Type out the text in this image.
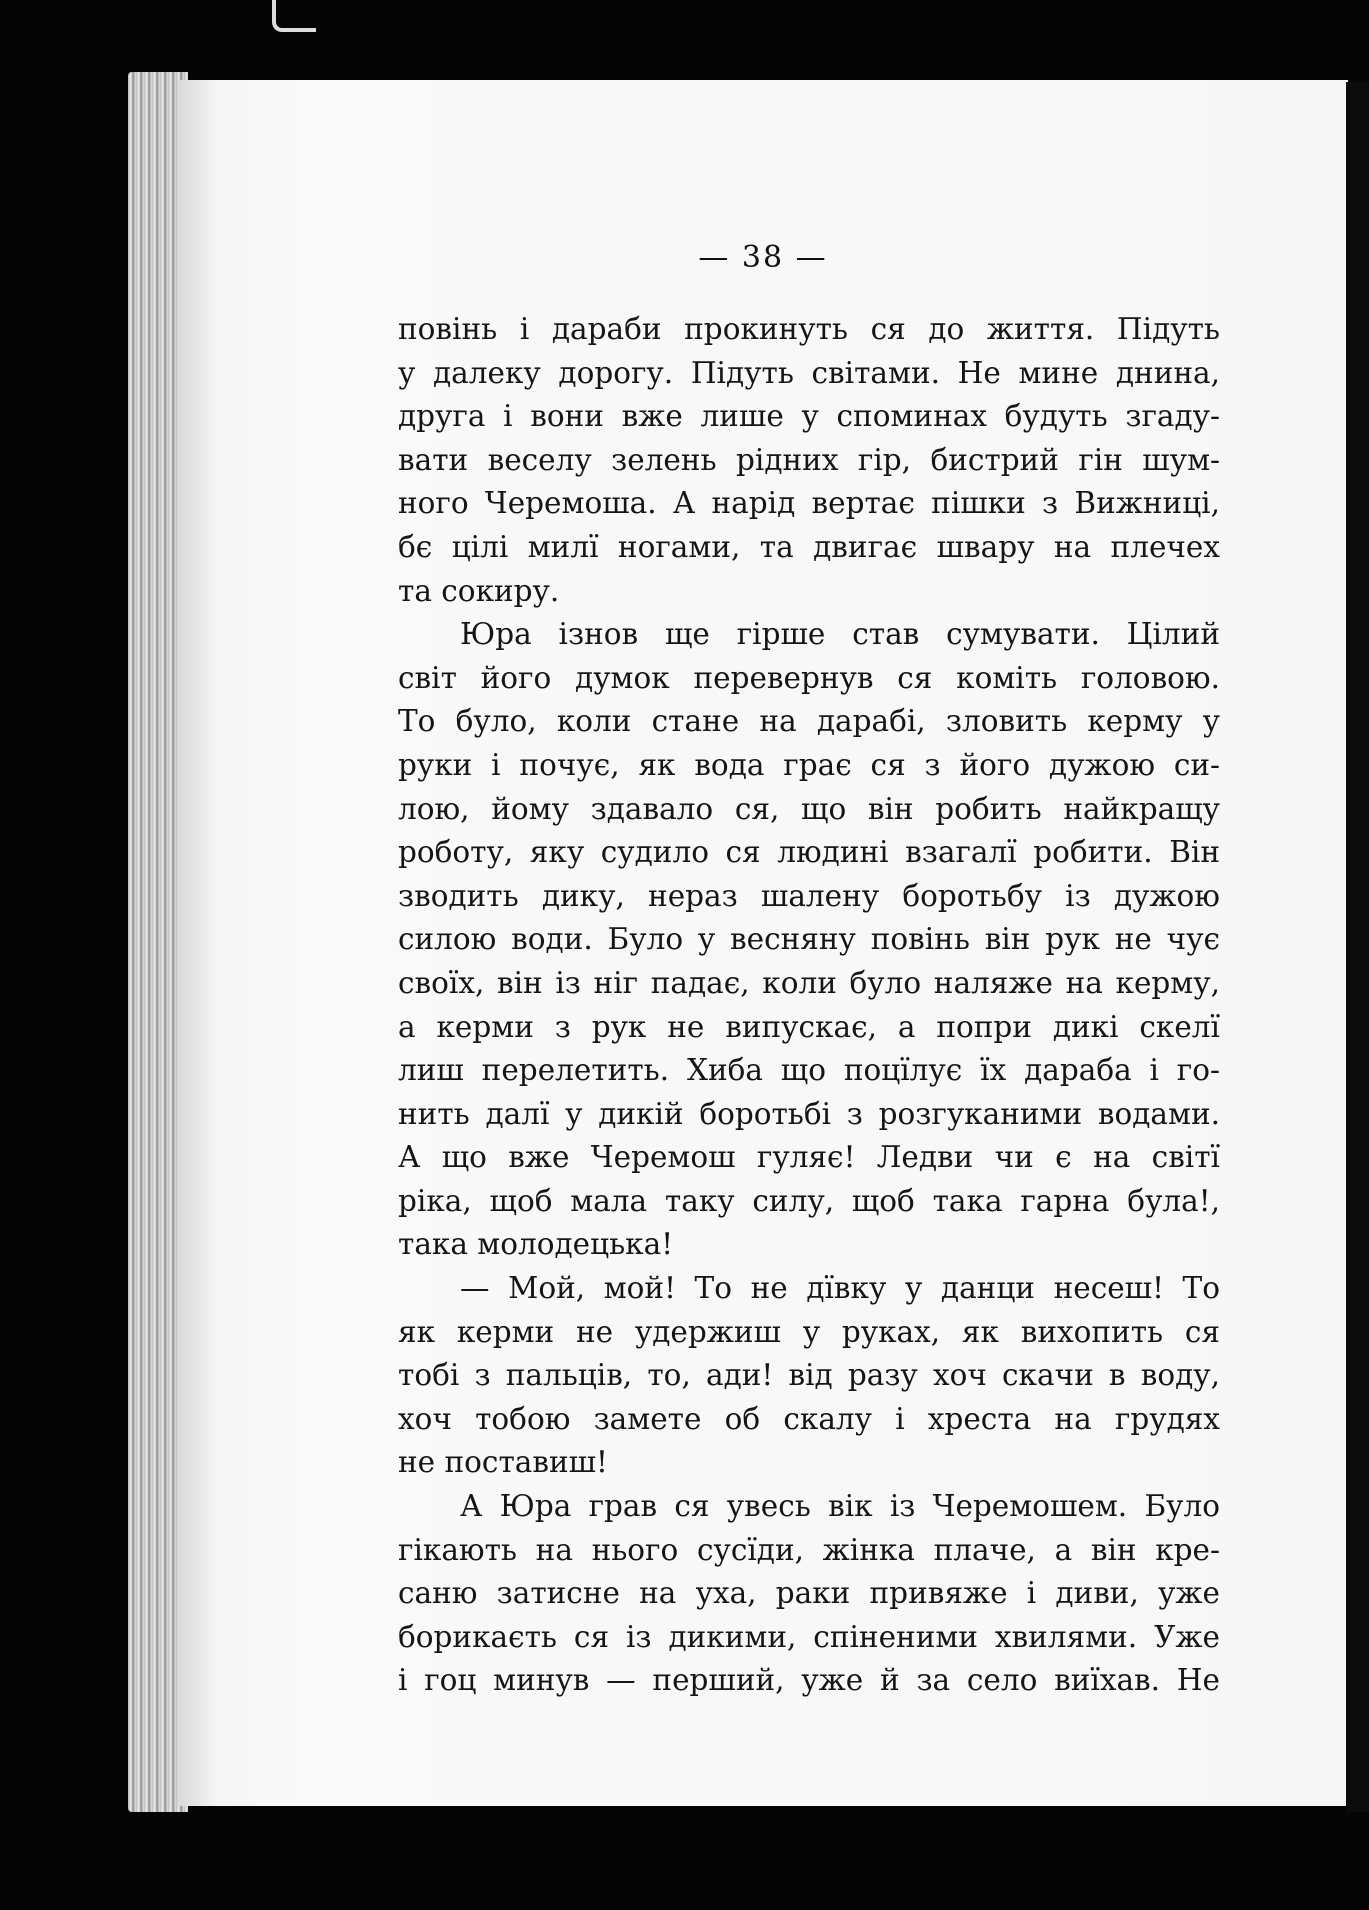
— 38 —
повінь і дараби прокинуть ся до життя. Підуть
у далеку дорогу. Підуть світами. Не мине днина,
друга і вони вже лише у споминах будуть згаду-
вати веселу зелень рідних гір, бистрий гін шум-
ного Черемоша. А нарід вертає пішки з Вижниці,
бє цілі милї ногами, та двигає швару на плечех
та сокиру.
Юра ізнов ще гірше став сумувати. Цілий
світ його думок перевернув ся коміть головою.
То було, коли стане на дарабі, зловить керму у
руки і почує, як вода грає ся з його дужою си-
лою, йому здавало ся, що він робить найкращу
роботу, яку судило ся людині взагалї робити. Він
зводить дику, нераз шалену боротьбу із дужою
силою води. Було у весняну повінь він рук не чує
своїх, він із ніг падає, коли було наляже на керму,
а керми з рук не випускає, а попри дикі скелї
лиш перелетить. Хиба що поцїлує їх дараба і го-
нить далї у дикій боротьбі з розгуканими водами.
А що вже Черемош гуляє! Ледви чи є на світї
ріка, щоб мала таку силу, щоб така гарна була!,
така молодецька!
— Мой, мой! То не дївку у данци несеш! То
як керми не удержиш у руках, як вихопить ся
тобі з пальців, то, ади! від разу хоч скачи в воду,
хоч тобою замете об скалу і хреста на грудях
не поставиш!
А Юра грав ся увесь вік із Черемошем. Було
гікають на нього сусїди, жінка плаче, а він кре-
саню затисне на уха, раки привяже і диви, уже
борикаєть ся із дикими, спіненими хвилями. Уже
і гоц минув — перший, уже й за село виїхав. Не
